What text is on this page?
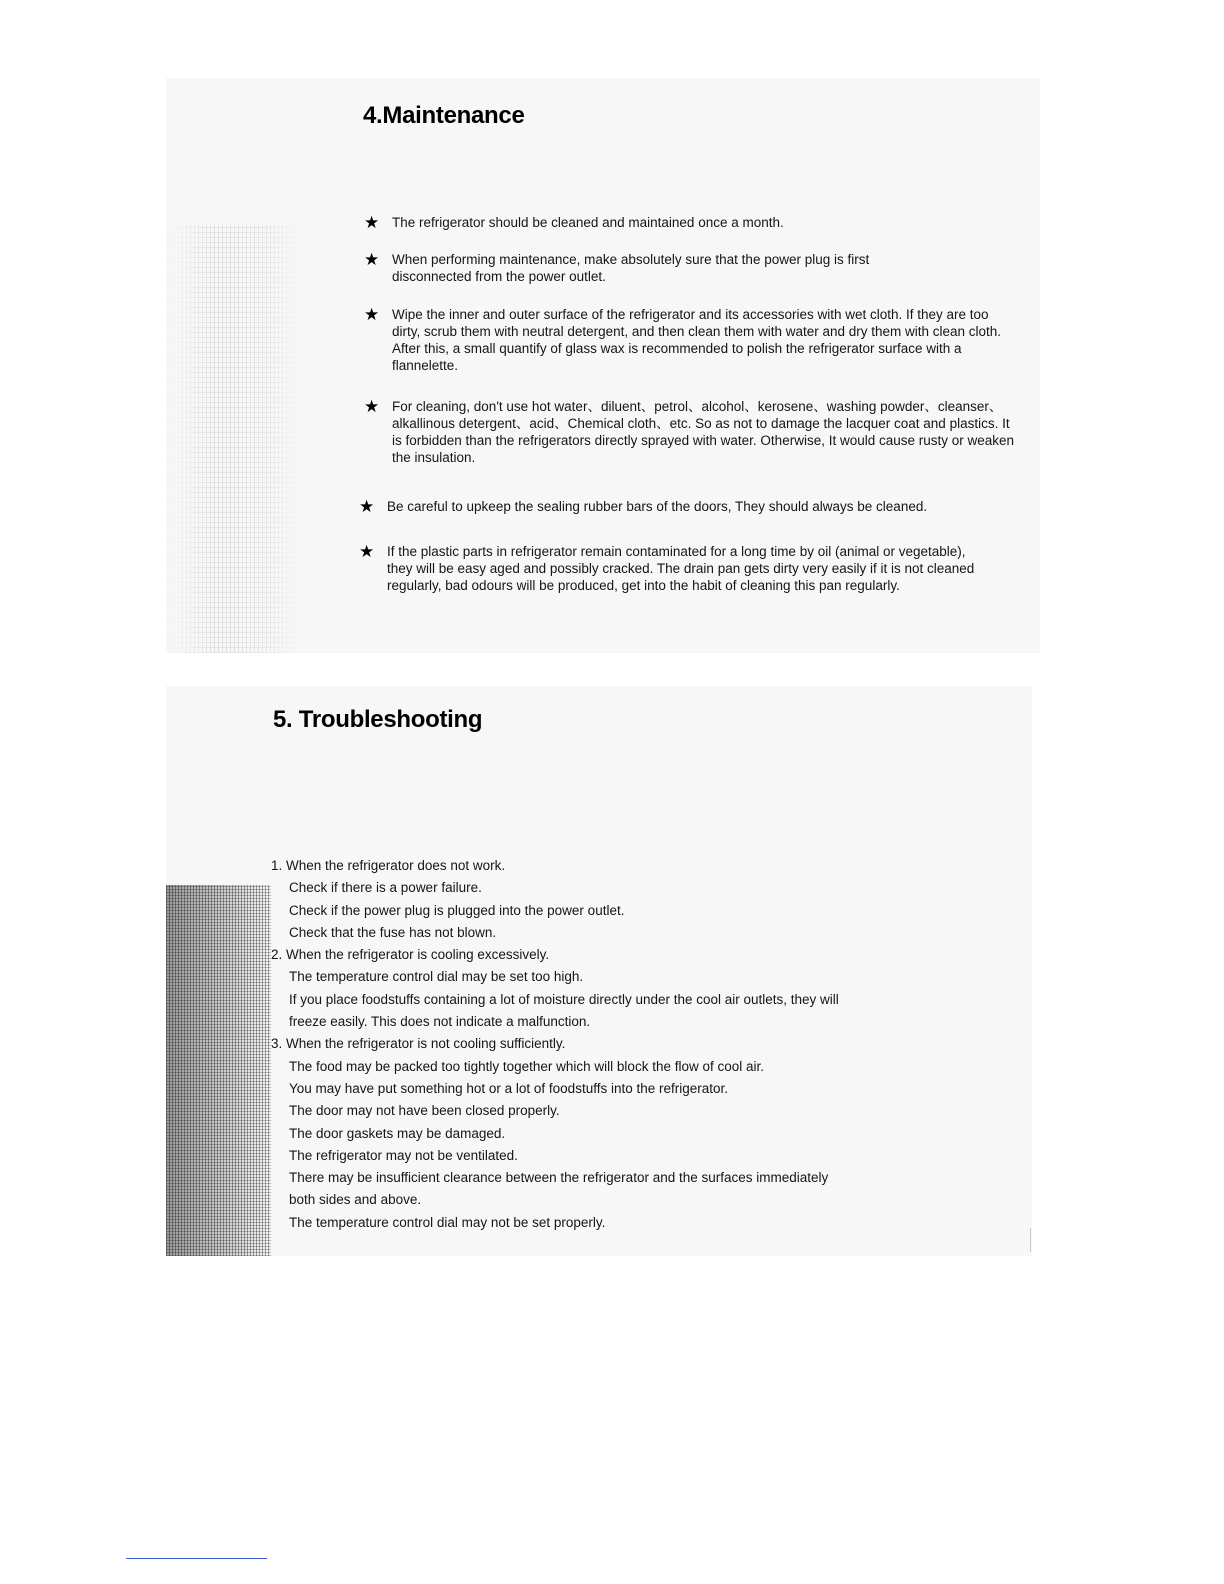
4.Maintenance
★ The refrigerator should be cleaned and maintained once a month.
★ When performing maintenance, make absolutely sure that the power plug is first disconnected from the power outlet.
★ Wipe the inner and outer surface of the refrigerator and its accessories with wet cloth. If they are too dirty, scrub them with neutral detergent, and then clean them with water and dry them with clean cloth. After this, a small quantify of glass wax is recommended to polish the refrigerator surface with a flannelette.
★ For cleaning, don't use hot water、diluent、petrol、alcohol、kerosene、washing powder、cleanser、alkallinous detergent、acid、Chemical cloth、etc. So as not to damage the lacquer coat and plastics. It is forbidden than the refrigerators directly sprayed with water. Otherwise, It would cause rusty or weaken the insulation.
★ Be careful to upkeep the sealing rubber bars of the doors, They should always be cleaned.
★ If the plastic parts in refrigerator remain contaminated for a long time by oil (animal or vegetable), they will be easy aged and possibly cracked. The drain pan gets dirty very easily if it is not cleaned regularly, bad odours will be produced, get into the habit of cleaning this pan regularly.
5. Troubleshooting
1. When the refrigerator does not work.
Check if there is a power failure.
Check if the power plug is plugged into the power outlet.
Check that the fuse has not blown.
2. When the refrigerator is cooling excessively.
The temperature control dial may be set too high.
If you place foodstuffs containing a lot of moisture directly under the cool air outlets, they will
freeze easily. This does not indicate a malfunction.
3. When the refrigerator is not cooling sufficiently.
The food may be packed too tightly together which will block the flow of cool air.
You may have put something hot or a lot of foodstuffs into the refrigerator.
The door may not have been closed properly.
The door gaskets may be damaged.
The refrigerator may not be ventilated.
There may be insufficient clearance between the refrigerator and the surfaces immediately
both sides and above.
The temperature control dial may not be set properly.
